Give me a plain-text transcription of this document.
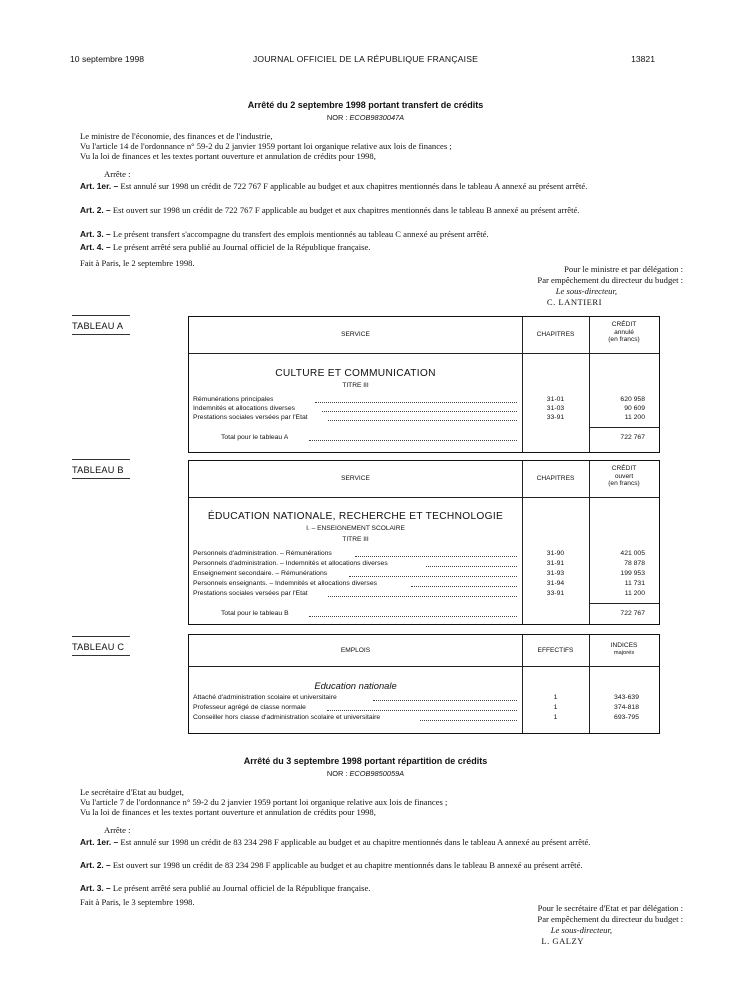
10 septembre 1998	JOURNAL OFFICIEL DE LA RÉPUBLIQUE FRANÇAISE	13821
Arrêté du 2 septembre 1998 portant transfert de crédits
NOR : ECOB9830047A
Le ministre de l'économie, des finances et de l'industrie,
Vu l'article 14 de l'ordonnance n° 59-2 du 2 janvier 1959 portant loi organique relative aux lois de finances ;
Vu la loi de finances et les textes portant ouverture et annulation de crédits pour 1998,
Arrête :
Art. 1er. – Est annulé sur 1998 un crédit de 722 767 F applicable au budget et aux chapitres mentionnés dans le tableau A annexé au présent arrêté.
Art. 2. – Est ouvert sur 1998 un crédit de 722 767 F applicable au budget et aux chapitres mentionnés dans le tableau B annexé au présent arrêté.
Art. 3. – Le présent transfert s'accompagne du transfert des emplois mentionnés au tableau C annexé au présent arrêté.
Art. 4. – Le présent arrêté sera publié au Journal officiel de la République française.
Fait à Paris, le 2 septembre 1998.
Pour le ministre et par délégation :
Par empêchement du directeur du budget :
Le sous-directeur,
C. LANTIERI
TABLEAU A
SERVICE	CHAPITRES
CRÉDIT
annulé
(en francs)
CULTURE ET COMMUNICATION
TITRE III
Rémunérations principales	31-01	620 958
Indemnités et allocations diverses	31-03	90 609
Prestations sociales versées par l'Etat	33-91	11 200
Total pour le tableau A	722 767
TABLEAU B
SERVICE	CHAPITRES
CRÉDIT
ouvert
(en francs)
ÉDUCATION NATIONALE, RECHERCHE ET TECHNOLOGIE
I. – ENSEIGNEMENT SCOLAIRE
TITRE III
Personnels d'administration. – Rémunérations	31-90	421 005
Personnels d'administration. – Indemnités et allocations diverses	31-91	78 878
Enseignement secondaire. – Rémunérations	31-93	199 953
Personnels enseignants. – Indemnités et allocations diverses	31-94	11 731
Prestations sociales versées par l'Etat	33-91	11 200
Total pour le tableau B	722 767
TABLEAU C	EMPLOIS	EFFECTIFS
INDICES
majorés
Education nationale
Attaché d'administration scolaire et universitaire	1	343-639
Professeur agrégé de classe normale	1	374-818
Conseiller hors classe d'administration scolaire et universitaire	1	693-795
Arrêté du 3 septembre 1998 portant répartition de crédits
NOR : ECOB9850059A
Le secrétaire d'Etat au budget,
Vu l'article 7 de l'ordonnance n° 59-2 du 2 janvier 1959 portant loi organique relative aux lois de finances ;
Vu la loi de finances et les textes portant ouverture et annulation de crédits pour 1998,
Arrête :
Art. 1er. – Est annulé sur 1998 un crédit de 83 234 298 F applicable au budget et au chapitre mentionnés dans le tableau A annexé au présent arrêté.
Art. 2. – Est ouvert sur 1998 un crédit de 83 234 298 F applicable au budget et au chapitre mentionnés dans le tableau B annexé au présent arrêté.
Art. 3. – Le présent arrêté sera publié au Journal officiel de la République française.
Fait à Paris, le 3 septembre 1998.
Pour le secrétaire d'Etat et par délégation :
Par empêchement du directeur du budget :
Le sous-directeur,
L. GALZY
